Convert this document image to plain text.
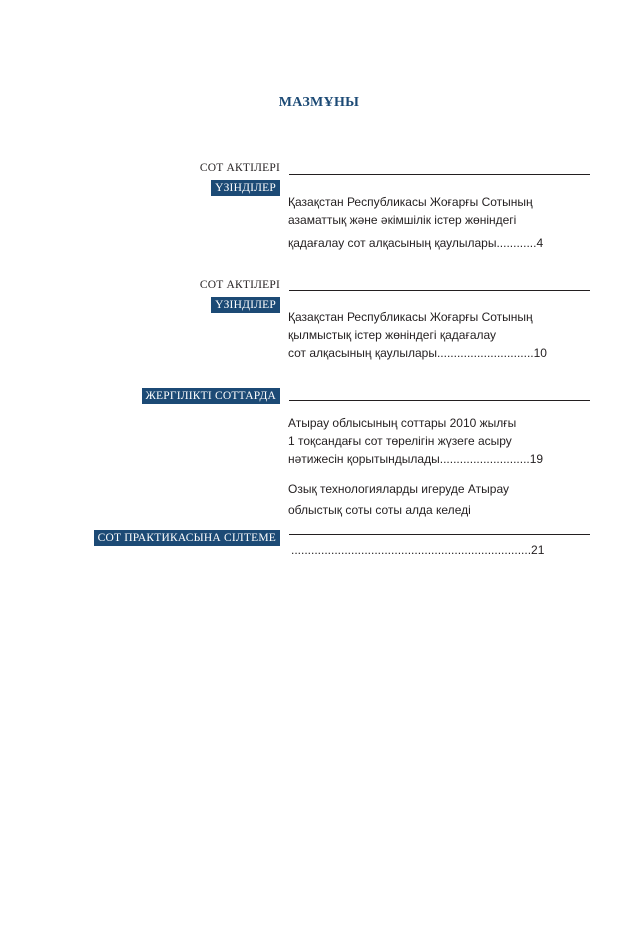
МАЗМҰНЫ
СОТ АКТІЛЕРІ
ҮЗІНДІЛЕР
Қазақстан Республикасы Жоғарғы Сотының
азаматтық және әкімшілік істер жөніндегі
қадағалау сот алқасының қаулылары............4
СОТ АКТІЛЕРІ
ҮЗІНДІЛЕР
Қазақстан Республикасы Жоғарғы Сотының
қылмыстық істер жөніндегі қадағалау
сот алқасының қаулылары.............................10
ЖЕРГІЛІКТІ СОТТАРДА
Атырау облысының соттары 2010 жылғы
1 тоқсандағы сот төрелігін жүзеге асыру
нәтижесін қорытындылады...........................19
Озық технологияларды игеруде Атырау
облыстық соты соты алда келеді
СОТ ПРАКТИКАСЫНА СІЛТЕМЕ
........................................................................21
